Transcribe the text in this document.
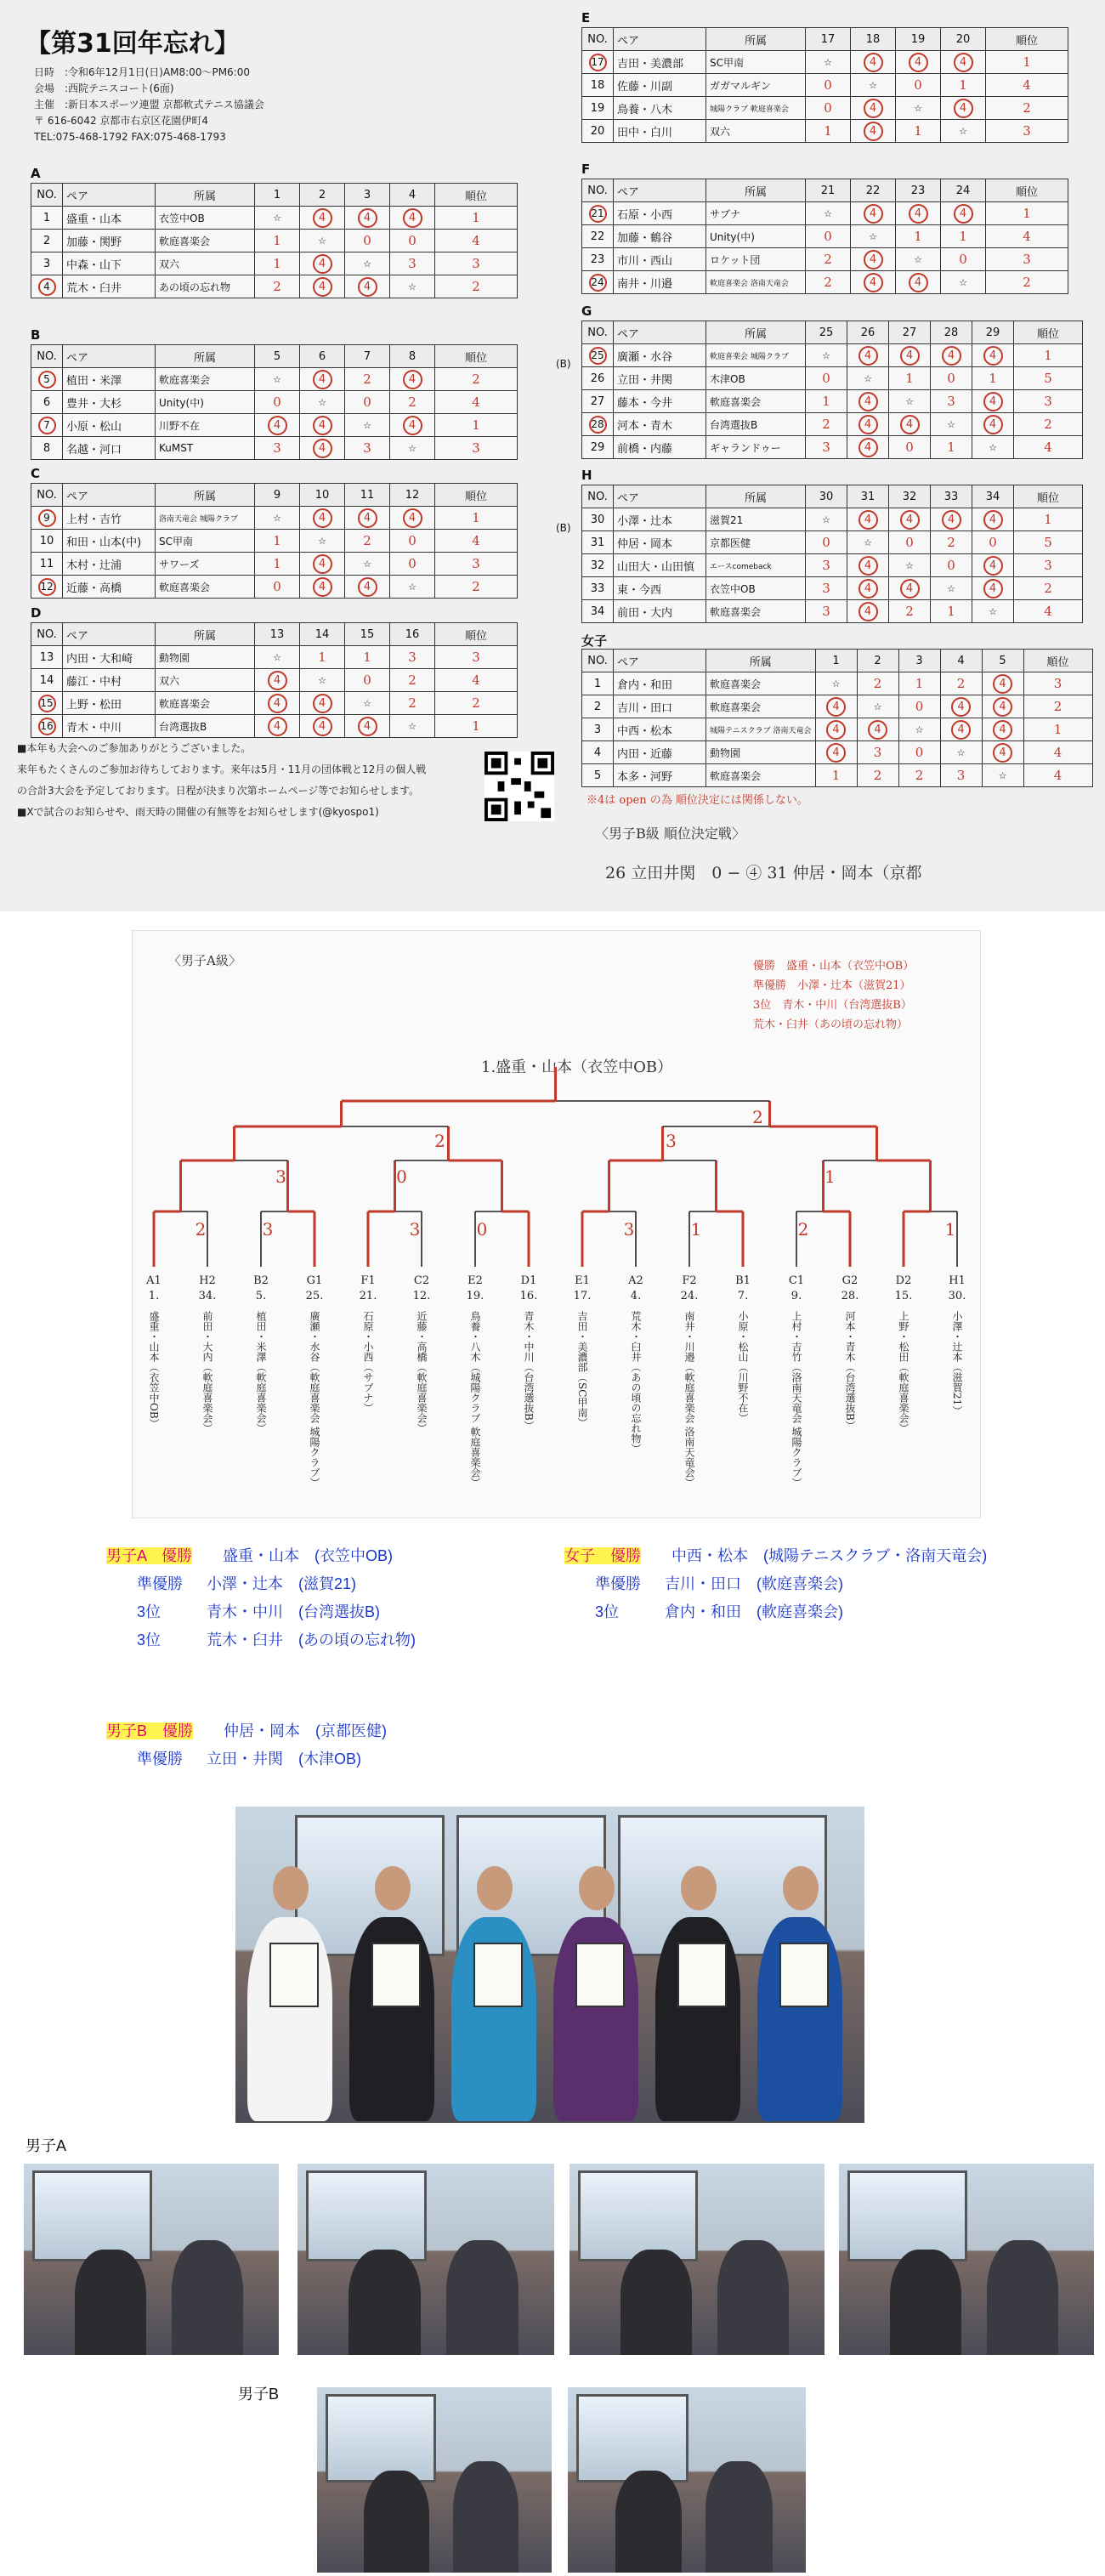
【第31回年忘れ】
日時　:令和6年12月1日(日)AM8:00〜PM6:00
会場　:西院テニスコート(6面)
主催　:新日本スポーツ連盟 京都軟式テニス協議会
〒 616-6042 京都市右京区花園伊町4
TEL:075-468-1792 FAX:075-468-1793
■本年も大会へのご参加ありがとうございました。
来年もたくさんのご参加お待ちしております。来年は5月・11月の団体戦と12月の個人戦
の合計3大会を予定しております。日程が決まり次第ホームページ等でお知らせします。
■Xで試合のお知らせや、雨天時の開催の有無等をお知らせします(@kyospo1)
※4は open の為 順位決定には関係しない。
〈男子B級 順位決定戦〉
26 立田井関　0 − ④ 31 仲居・岡本（京都
A
NO.	ペア	所属	1	2	3	4	順位
1	盛重・山本	衣笠中OB	☆	4	4	4	1
2	加藤・関野	軟庭喜楽会	1	☆	0	0	4
3	中森・山下	双六	1	4	☆	3	3
4	荒木・臼井	あの頃の忘れ物	2	4	4	☆	2
B
NO.	ペア	所属	5	6	7	8	順位
5	植田・米澤	軟庭喜楽会	☆	4	2	4	2
6	豊井・大杉	Unity(中)	0	☆	0	2	4
7	小原・松山	川野不在	4	4	☆	4	1
8	名越・河口	KuMST	3	4	3	☆	3
C
NO.	ペア	所属	9	10	11	12	順位
9	上村・吉竹	洛南天竜会 城陽クラブ	☆	4	4	4	1
10	和田・山本(中)	SC甲南	1	☆	2	0	4
11	木村・辻浦	サワーズ	1	4	☆	0	3
12	近藤・高橋	軟庭喜楽会	0	4	4	☆	2
D
NO.	ペア	所属	13	14	15	16	順位
13	内田・大和崎	動物園	☆	1	1	3	3
14	藤江・中村	双六	4	☆	0	2	4
15	上野・松田	軟庭喜楽会	4	4	☆	2	2
16	青木・中川	台湾選抜B	4	4	4	☆	1
E
NO.	ペア	所属	17	18	19	20	順位
17	吉田・美濃部	SC甲南	☆	4	4	4	1
18	佐藤・川副	ガガマルギン	0	☆	0	1	4
19	鳥養・八木	城陽クラブ 軟庭喜楽会	0	4	☆	4	2
20	田中・白川	双六	1	4	1	☆	3
F
NO.	ペア	所属	21	22	23	24	順位
21	石原・小西	サブナ	☆	4	4	4	1
22	加藤・鶴谷	Unity(中)	0	☆	1	1	4
23	市川・西山	ロケット団	2	4	☆	0	3
24	南井・川邉	軟庭喜楽会 洛南天竜会	2	4	4	☆	2
G
(B)
NO.	ペア	所属	25	26	27	28	29	順位
25	廣瀬・水谷	軟庭喜楽会 城陽クラブ	☆	4	4	4	4	1
26	立田・井関	木津OB	0	☆	1	0	1	5
27	藤本・今井	軟庭喜楽会	1	4	☆	3	4	3
28	河本・青木	台湾選抜B	2	4	4	☆	4	2
29	前橋・内藤	ギャランドゥー	3	4	0	1	☆	4
H
(B)
NO.	ペア	所属	30	31	32	33	34	順位
30	小澤・辻本	滋賀21	☆	4	4	4	4	1
31	仲居・岡本	京都医健	0	☆	0	2	0	5
32	山田大・山田慎	エースcomeback	3	4	☆	0	4	3
33	東・今西	衣笠中OB	3	4	4	☆	4	2
34	前田・大内	軟庭喜楽会	3	4	2	1	☆	4
女子
NO.	ペア	所属	1	2	3	4	5	順位
1	倉内・和田	軟庭喜楽会	☆	2	1	2	4	3
2	吉川・田口	軟庭喜楽会	4	☆	0	4	4	2
3	中西・松本	城陽テニスクラブ 洛南天竜会	4	4	☆	4	4	1
4	内田・近藤	動物園	4	3	0	☆	4	4
5	本多・河野	軟庭喜楽会	1	2	2	3	☆	4
〈男子A級〉
1.盛重・山本（衣笠中OB）
優勝　盛重・山本（衣笠中OB）
準優勝　小澤・辻本（滋賀21）
3位　青木・中川（台湾選抜B）
荒木・臼井（あの頃の忘れ物）
2	3	3	0	3	1	2	1
3	0	1
2	3
2
A1
1.
盛重・山本（衣笠中OB）
H2
34.
前田・大内（軟庭喜楽会）
B2
5.
植田・米澤（軟庭喜楽会）
G1
25.
廣瀬・水谷（軟庭喜楽会 城陽クラブ）
F1
21.
石原・小西（サブナ）
C2
12.
近藤・高橋（軟庭喜楽会）
E2
19.
鳥養・八木（城陽クラブ 軟庭喜楽会）
D1
16.
青木・中川（台湾選抜B）
E1
17.
吉田・美濃部（SC甲南）
A2
4.
荒木・臼井（あの頃の忘れ物）
F2
24.
南井・川邉（軟庭喜楽会 洛南天竜会）
B1
7.
小原・松山（川野不在）
C1
9.
上村・吉竹（洛南天竜会 城陽クラブ）
G2
28.
河本・青木（台湾選抜B）
D2
15.
上野・松田（軟庭喜楽会）
H1
30.
小澤・辻本（滋賀21）
男子A　優勝　　 盛重・山本　(衣笠中OB)
　　準優勝 小澤・辻本　(滋賀21)
　　3位	青木・中川　(台湾選抜B)
　　3位	荒木・臼井　(あの頃の忘れ物)
女子　優勝　　 中西・松本　(城陽テニスクラブ・洛南天竜会)
　　準優勝 吉川・田口　(軟庭喜楽会)
　　3位	倉内・和田　(軟庭喜楽会)
男子B　優勝　　 仲居・岡本　(京都医健)
　　準優勝 立田・井関　(木津OB)
男子A
男子B
